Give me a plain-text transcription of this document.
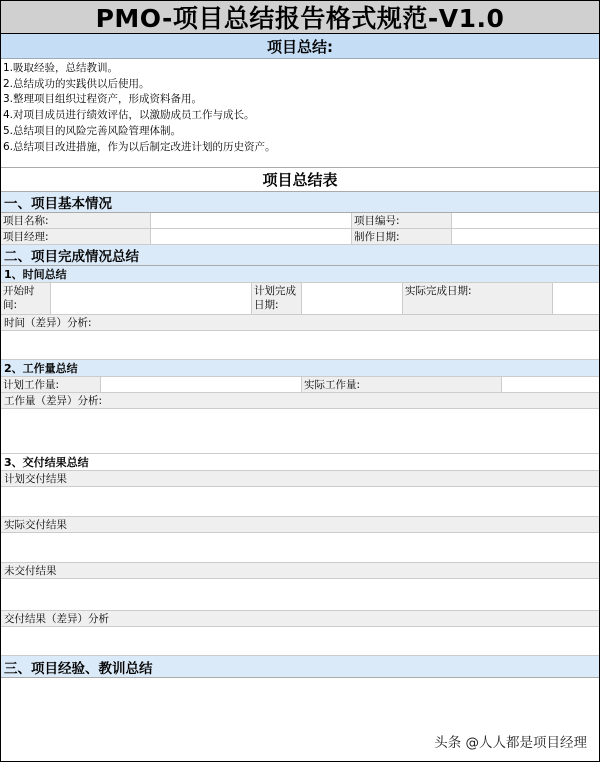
PMO-项目总结报告格式规范-V1.0
项目总结:
1.吸取经验，总结教训。
2.总结成功的实践供以后使用。
3.整理项目组织过程资产，形成资料备用。
4.对项目成员进行绩效评估，以激励成员工作与成长。
5.总结项目的风险完善风险管理体制。
6.总结项目改进措施，作为以后制定改进计划的历史资产。
项目总结表
一、项目基本情况
项目名称:	项目编号:
项目经理:	制作日期:
二、项目完成情况总结
1、时间总结
开始时
间:
计划完成
日期:
实际完成日期:
时间（差异）分析:
2、工作量总结
计划工作量:	实际工作量:
工作量（差异）分析:
3、交付结果总结
计划交付结果
实际交付结果
未交付结果
交付结果（差异）分析
三、项目经验、教训总结
头条 @人人都是项目经理
